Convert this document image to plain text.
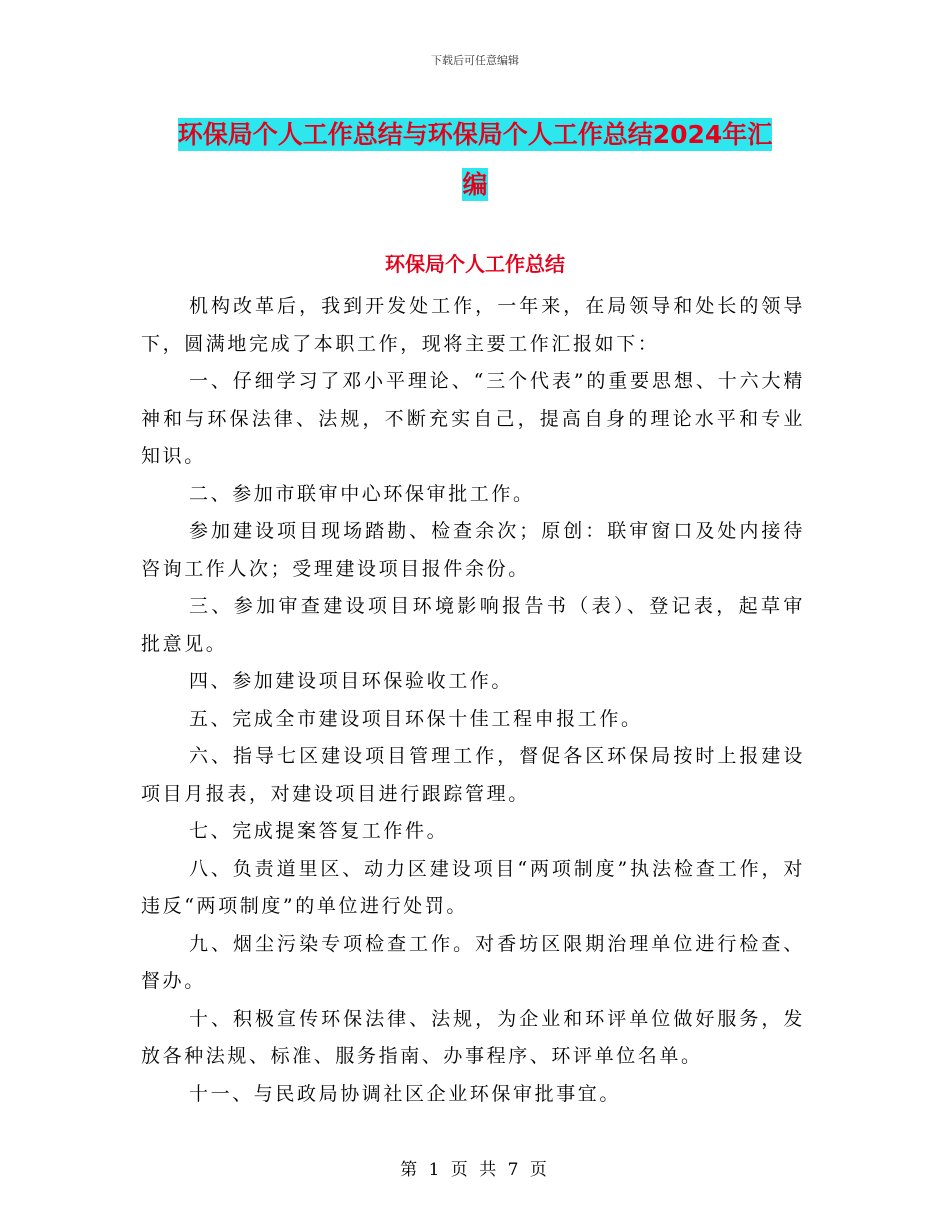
下载后可任意编辑
环保局个人工作总结与环保局个人工作总结2024年汇
编
环保局个人工作总结

机构改革后，我到开发处工作，一年来，在局领导和处长的领导下，圆满地完成了本职工作，现将主要工作汇报如下：

一、仔细学习了邓小平理论、“三个代表”的重要思想、十六大精神和与环保法律、法规，不断充实自己，提高自身的理论水平和专业知识。

二、参加市联审中心环保审批工作。

参加建设项目现场踏勘、检查余次；原创：联审窗口及处内接待咨询工作人次；受理建设项目报件余份。

三、参加审查建设项目环境影响报告书（表）、登记表，起草审批意见。

四、参加建设项目环保验收工作。

五、完成全市建设项目环保十佳工程申报工作。

六、指导七区建设项目管理工作，督促各区环保局按时上报建设项目月报表，对建设项目进行跟踪管理。

七、完成提案答复工作件。

八、负责道里区、动力区建设项目“两项制度”执法检查工作，对违反“两项制度”的单位进行处罚。

九、烟尘污染专项检查工作。对香坊区限期治理单位进行检查、督办。

十、积极宣传环保法律、法规，为企业和环评单位做好服务，发放各种法规、标准、服务指南、办事程序、环评单位名单。

十一、与民政局协调社区企业环保审批事宜。

第 1 页 共 7 页
